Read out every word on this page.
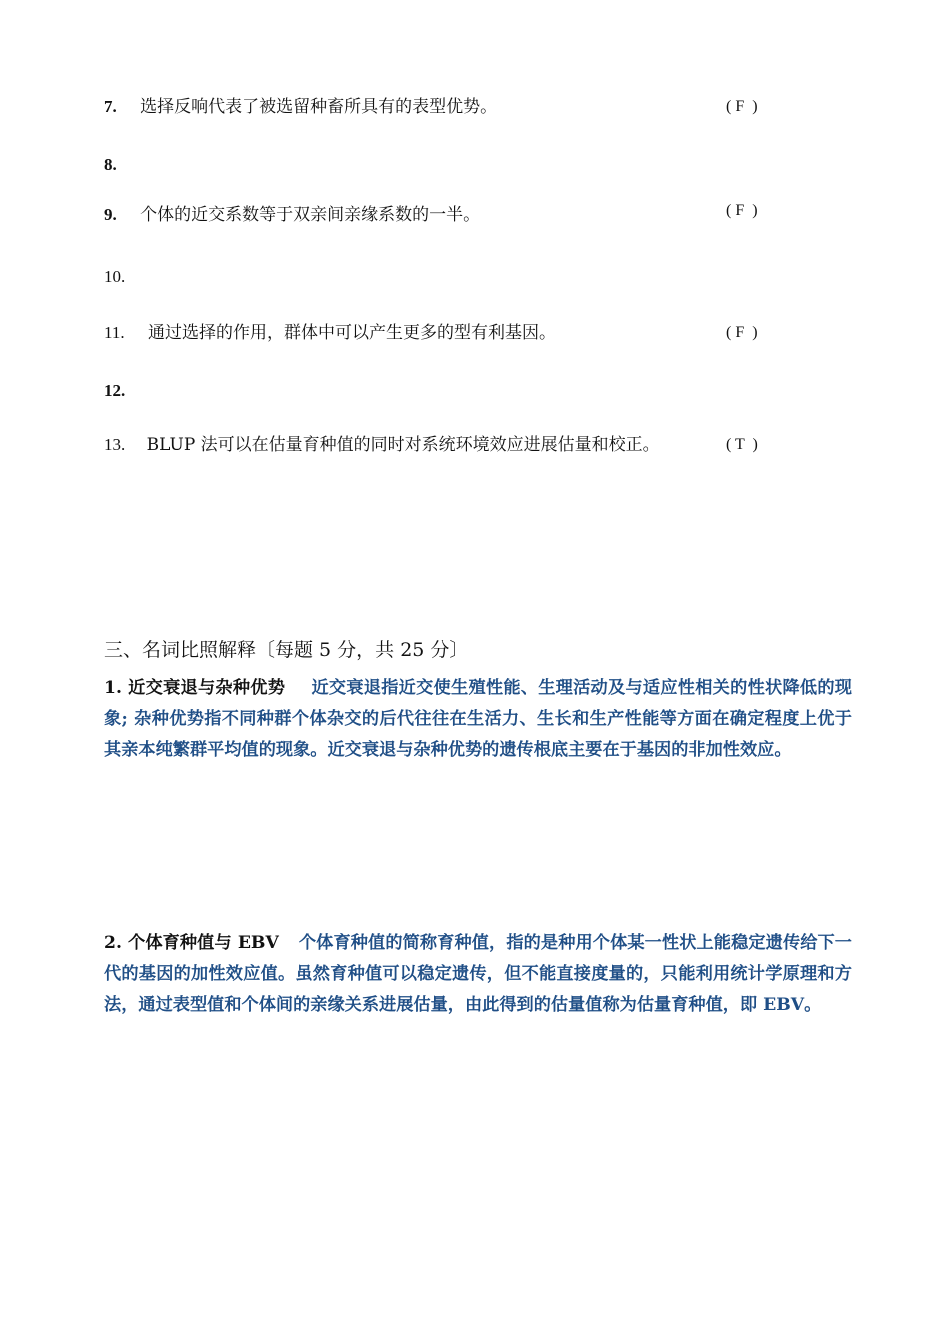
7. 选择反响代表了被选留种畜所具有的表型优势。	( F  )
8.
9. 个体的近交系数等于双亲间亲缘系数的一半。	( F  )
10.
11. 通过选择的作用，群体中可以产生更多的型有利基因。	( F  )
12.
13. BLUP 法可以在估量育种值的同时对系统环境效应进展估量和校正。	( T  )
三、名词比照解释〔每题 5 分，共 25 分〕
1. 近交衰退与杂种优势 近交衰退指近交使生殖性能、生理活动及与适应性相关的性状降低的现象; 杂种优势指不同种群个体杂交的后代往往在生活力、生长和生产性能等方面在确定程度上优于其亲本纯繁群平均值的现象。近交衰退与杂种优势的遗传根底主要在于基因的非加性效应。
2. 个体育种值与 EBV 个体育种值的简称育种值，指的是种用个体某一性状上能稳定遗传给下一代的基因的加性效应值。虽然育种值可以稳定遗传，但不能直接度量的，只能利用统计学原理和方法，通过表型值和个体间的亲缘关系进展估量，由此得到的估量值称为估量育种值，即 EBV。
